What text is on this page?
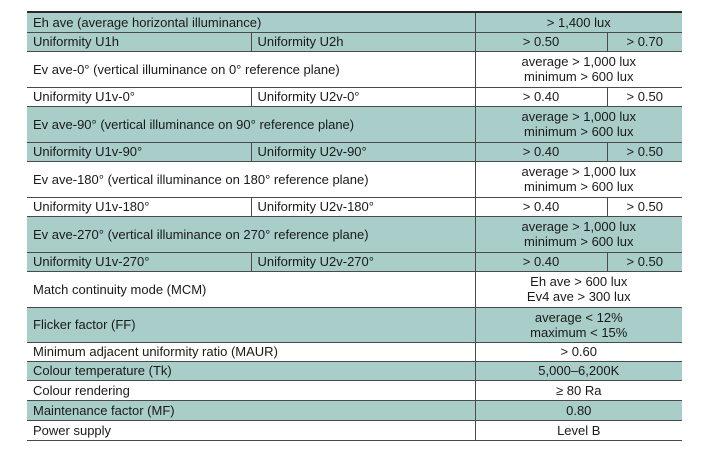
Eh ave (average horizontal illuminance)		> 1,400 lux	

Uniformity U1h	Uniformity U2h	> 0.50	> 0.70

Ev ave-0° (vertical illuminance on 0° reference plane)		average > 1,000 lux
minimum > 600 lux	

Uniformity U1v-0°	Uniformity U2v-0°	> 0.40	> 0.50

Ev ave-90° (vertical illuminance on 90° reference plane)		average > 1,000 lux
minimum > 600 lux	

Uniformity U1v-90°	Uniformity U2v-90°	> 0.40	> 0.50

Ev ave-180° (vertical illuminance on 180° reference plane)		average > 1,000 lux
minimum > 600 lux	

Uniformity U1v-180°	Uniformity U2v-180°	> 0.40	> 0.50

Ev ave-270° (vertical illuminance on 270° reference plane)		average > 1,000 lux
minimum > 600 lux	

Uniformity U1v-270°	Uniformity U2v-270°	> 0.40	> 0.50

Match continuity mode (MCM)		Eh ave > 600 lux
Ev4 ave > 300 lux	

Flicker factor (FF)		average < 12%
maximum < 15%	

Minimum adjacent uniformity ratio (MAUR)		> 0.60	

Colour temperature (Tk)		5,000–6,200K	

Colour rendering		≥ 80 Ra	

Maintenance factor (MF)		0.80	

Power supply		Level B	
